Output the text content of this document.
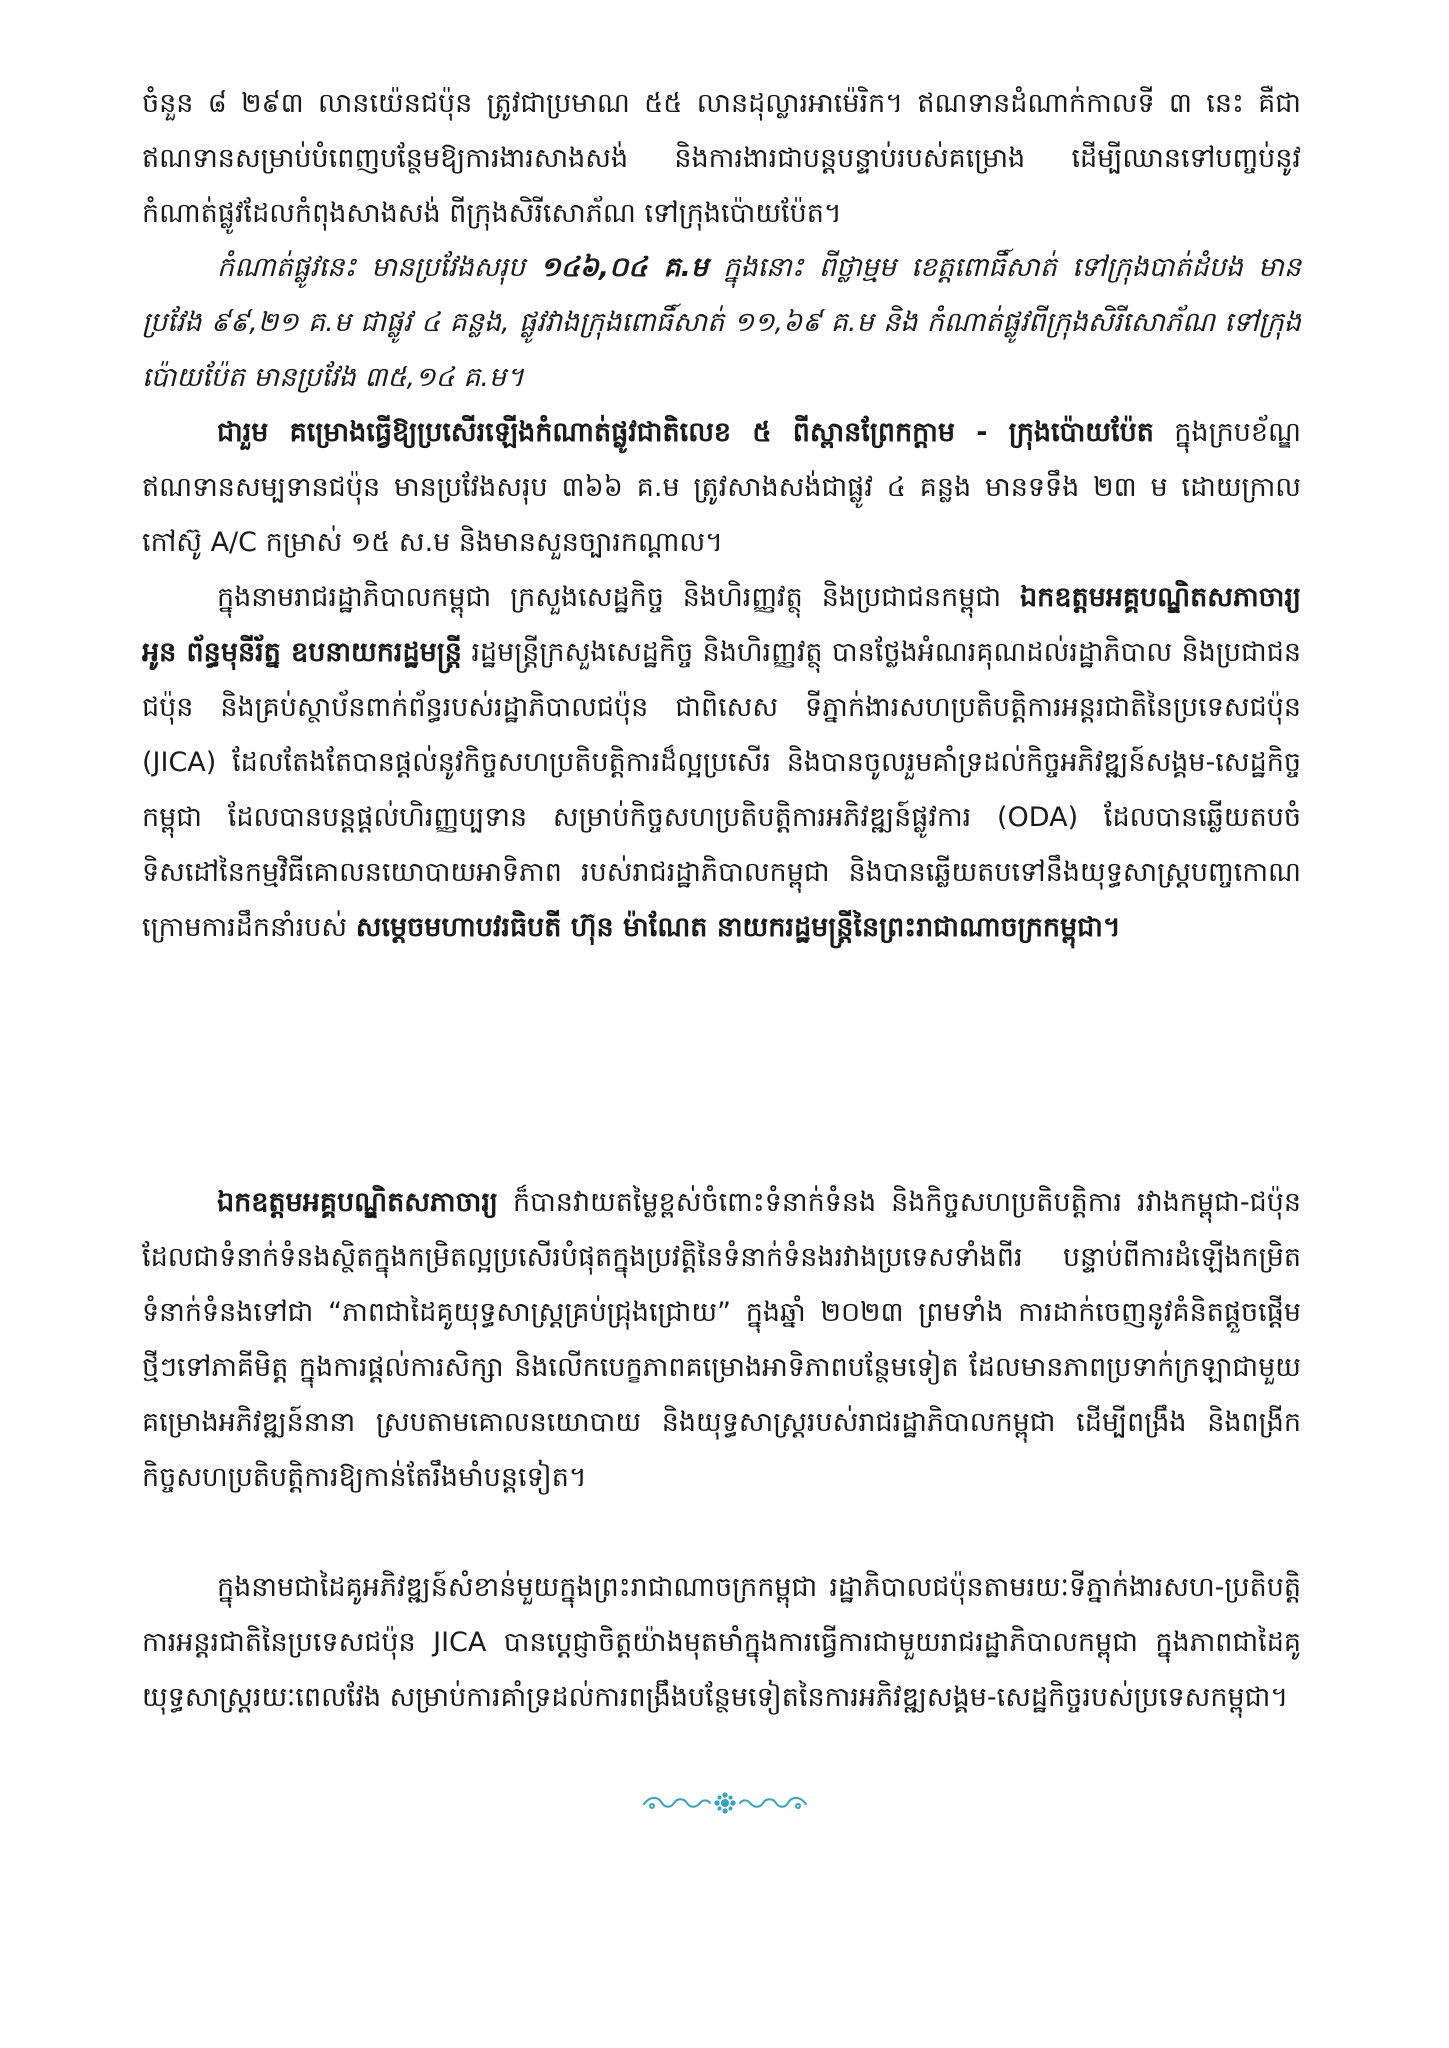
ចំនួន ៨ ២៩៣ លានយ៉េនជប៉ុន ត្រូវជាប្រមាណ ៥៥ លានដុល្លារអាម៉េរិក។ ឥណទានដំណាក់កាលទី ៣ នេះ គឺជាឥណទានសម្រាប់បំពេញបន្ថែមឱ្យការងារសាងសង់ និងការងារជាបន្តបន្ទាប់របស់គម្រោង ដើម្បីឈានទៅបញ្ចប់នូវកំណាត់ផ្លូវដែលកំពុងសាងសង់ ពីក្រុងសិរីសោភ័ណ ទៅក្រុងប៉ោយប៉ែត។

កំណាត់ផ្លូវនេះ មានប្រវែងសរុប ១៤៦,០៤ គ.ម ក្នុងនោះ ពីថ្លាម្មម ខេត្តពោធិ៍សាត់ ទៅក្រុងបាត់ដំបង មានប្រវែង ៩៩,២១ គ.ម ជាផ្លូវ ៤ គន្លង, ផ្លូវវាងក្រុងពោធិ៍សាត់ ១១,៦៩ គ.ម និង កំណាត់ផ្លូវពីក្រុងសិរីសោភ័ណ ទៅក្រុងប៉ោយប៉ែត មានប្រវែង ៣៥,១៤ គ.ម។

ជារួម គម្រោងធ្វើឱ្យប្រសើរឡើងកំណាត់ផ្លូវជាតិលេខ ៥ ពីស្ពានព្រែកក្តាម - ក្រុងប៉ោយប៉ែត ក្នុងក្របខ័ណ្ឌឥណទានសម្បទានជប៉ុន មានប្រវែងសរុប ៣៦៦ គ.ម ត្រូវសាងសង់ជាផ្លូវ ៤ គន្លង មានទទឹង ២៣ ម ដោយក្រាលកៅស៊ូ A/C កម្រាស់ ១៥ ស.ម និងមានសួនច្បារកណ្តាល។

ក្នុងនាមរាជរដ្ឋាភិបាលកម្ពុជា ក្រសួងសេដ្ឋកិច្ច និងហិរញ្ញវត្ថុ និងប្រជាជនកម្ពុជា ឯកឧត្តមអគ្គបណ្ឌិតសភាចារ្យ អូន ព័ន្ធមុនីរ័ត្ន ឧបនាយករដ្ឋមន្ត្រី រដ្ឋមន្ត្រីក្រសួងសេដ្ឋកិច្ច និងហិរញ្ញវត្ថុ បានថ្លែងអំណរគុណដល់រដ្ឋាភិបាល និងប្រជាជនជប៉ុន និងគ្រប់ស្ថាប័នពាក់ព័ន្ធរបស់រដ្ឋាភិបាលជប៉ុន ជាពិសេស ទីភ្នាក់ងារសហប្រតិបត្តិការអន្តរជាតិនៃប្រទេសជប៉ុន (JICA) ដែលតែងតែបានផ្តល់នូវកិច្ចសហប្រតិបត្តិការដ៏ល្អប្រសើរ និងបានចូលរួមគាំទ្រដល់កិច្ចអភិវឌ្ឍន៍សង្គម-សេដ្ឋកិច្ចកម្ពុជា ដែលបានបន្តផ្តល់ហិរញ្ញប្បទាន សម្រាប់កិច្ចសហប្រតិបត្តិការអភិវឌ្ឍន៍ផ្លូវការ (ODA) ដែលបានឆ្លើយតបចំទិសដៅនៃកម្មវិធីគោលនយោបាយអាទិភាព របស់រាជរដ្ឋាភិបាលកម្ពុជា និងបានឆ្លើយតបទៅនឹងយុទ្ធសាស្ត្របញ្ចកោណ ក្រោមការដឹកនាំរបស់ សម្តេចមហាបវរធិបតី ហ៊ុន ម៉ាណែត នាយករដ្ឋមន្ត្រីនៃព្រះរាជាណាចក្រកម្ពុជា។

ឯកឧត្តមអគ្គបណ្ឌិតសភាចារ្យ ក៏បានវាយតម្លៃខ្ពស់ចំពោះទំនាក់ទំនង និងកិច្ចសហប្រតិបត្តិការ រវាងកម្ពុជា-ជប៉ុន ដែលជាទំនាក់ទំនងស្ថិតក្នុងកម្រិតល្អប្រសើរបំផុតក្នុងប្រវត្តិនៃទំនាក់ទំនងរវាងប្រទេសទាំងពីរ បន្ទាប់ពីការដំឡើងកម្រិតទំនាក់ទំនងទៅជា “ភាពជាដៃគូយុទ្ធសាស្ត្រគ្រប់ជ្រុងជ្រោយ” ក្នុងឆ្នាំ ២០២៣ ព្រមទាំង ការដាក់ចេញនូវគំនិតផ្តួចផ្តើមថ្មីៗទៅភាគីមិត្ត ក្នុងការផ្តល់ការសិក្សា និងលើកបេក្ខភាពគម្រោងអាទិភាពបន្ថែមទៀត ដែលមានភាពប្រទាក់ក្រឡាជាមួយគម្រោងអភិវឌ្ឍន៍នានា ស្របតាមគោលនយោបាយ និងយុទ្ធសាស្ត្ររបស់រាជរដ្ឋាភិបាលកម្ពុជា ដើម្បីពង្រឹង និងពង្រីកកិច្ចសហប្រតិបត្តិការឱ្យកាន់តែរឹងមាំបន្តទៀត។

ក្នុងនាមជាដៃគូអភិវឌ្ឍន៍សំខាន់មួយក្នុងព្រះរាជាណាចក្រកម្ពុជា រដ្ឋាភិបាលជប៉ុនតាមរយៈទីភ្នាក់ងារសហ-ប្រតិបត្តិការអន្តរជាតិនៃប្រទេសជប៉ុន JICA បានប្តេជ្ញាចិត្តយ៉ាងមុតមាំក្នុងការធ្វើការជាមួយរាជរដ្ឋាភិបាលកម្ពុជា ក្នុងភាពជាដៃគូយុទ្ធសាស្ត្ររយៈពេលវែង សម្រាប់ការគាំទ្រដល់ការពង្រឹងបន្ថែមទៀតនៃការអភិវឌ្ឍសង្គម-សេដ្ឋកិច្ចរបស់ប្រទេសកម្ពុជា។
